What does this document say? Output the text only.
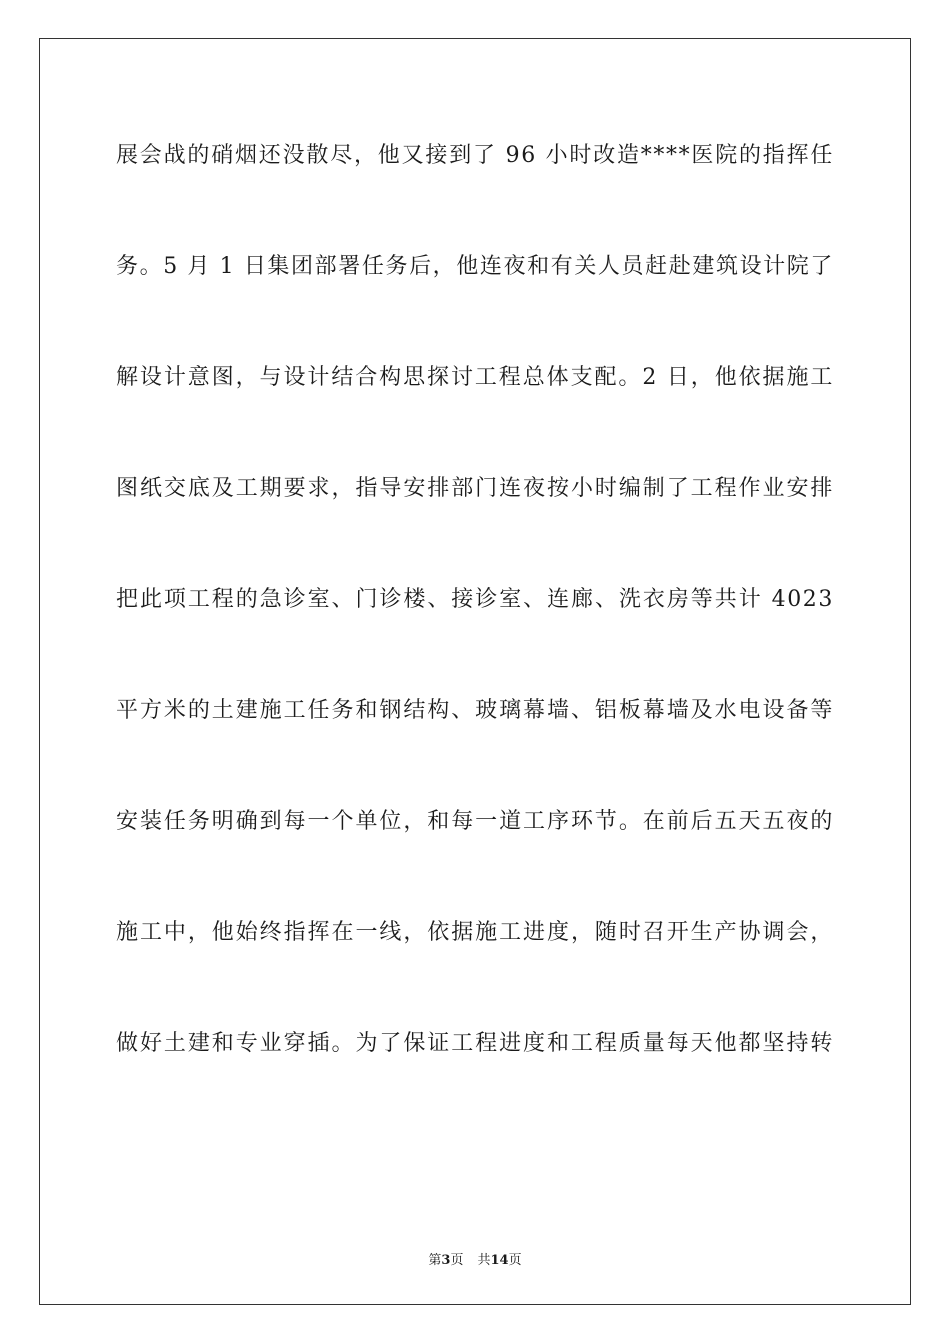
展会战的硝烟还没散尽，他又接到了 96 小时改造****医院的指挥任
务。5 月 1 日集团部署任务后，他连夜和有关人员赶赴建筑设计院了
解设计意图，与设计结合构思探讨工程总体支配。2 日，他依据施工
图纸交底及工期要求，指导安排部门连夜按小时编制了工程作业安排
把此项工程的急诊室、门诊楼、接诊室、连廊、洗衣房等共计 4023
平方米的土建施工任务和钢结构、玻璃幕墙、铝板幕墙及水电设备等
安装任务明确到每一个单位，和每一道工序环节。在前后五天五夜的
施工中，他始终指挥在一线，依据施工进度，随时召开生产协调会，
做好土建和专业穿插。为了保证工程进度和工程质量每天他都坚持转
第3页 共14页
